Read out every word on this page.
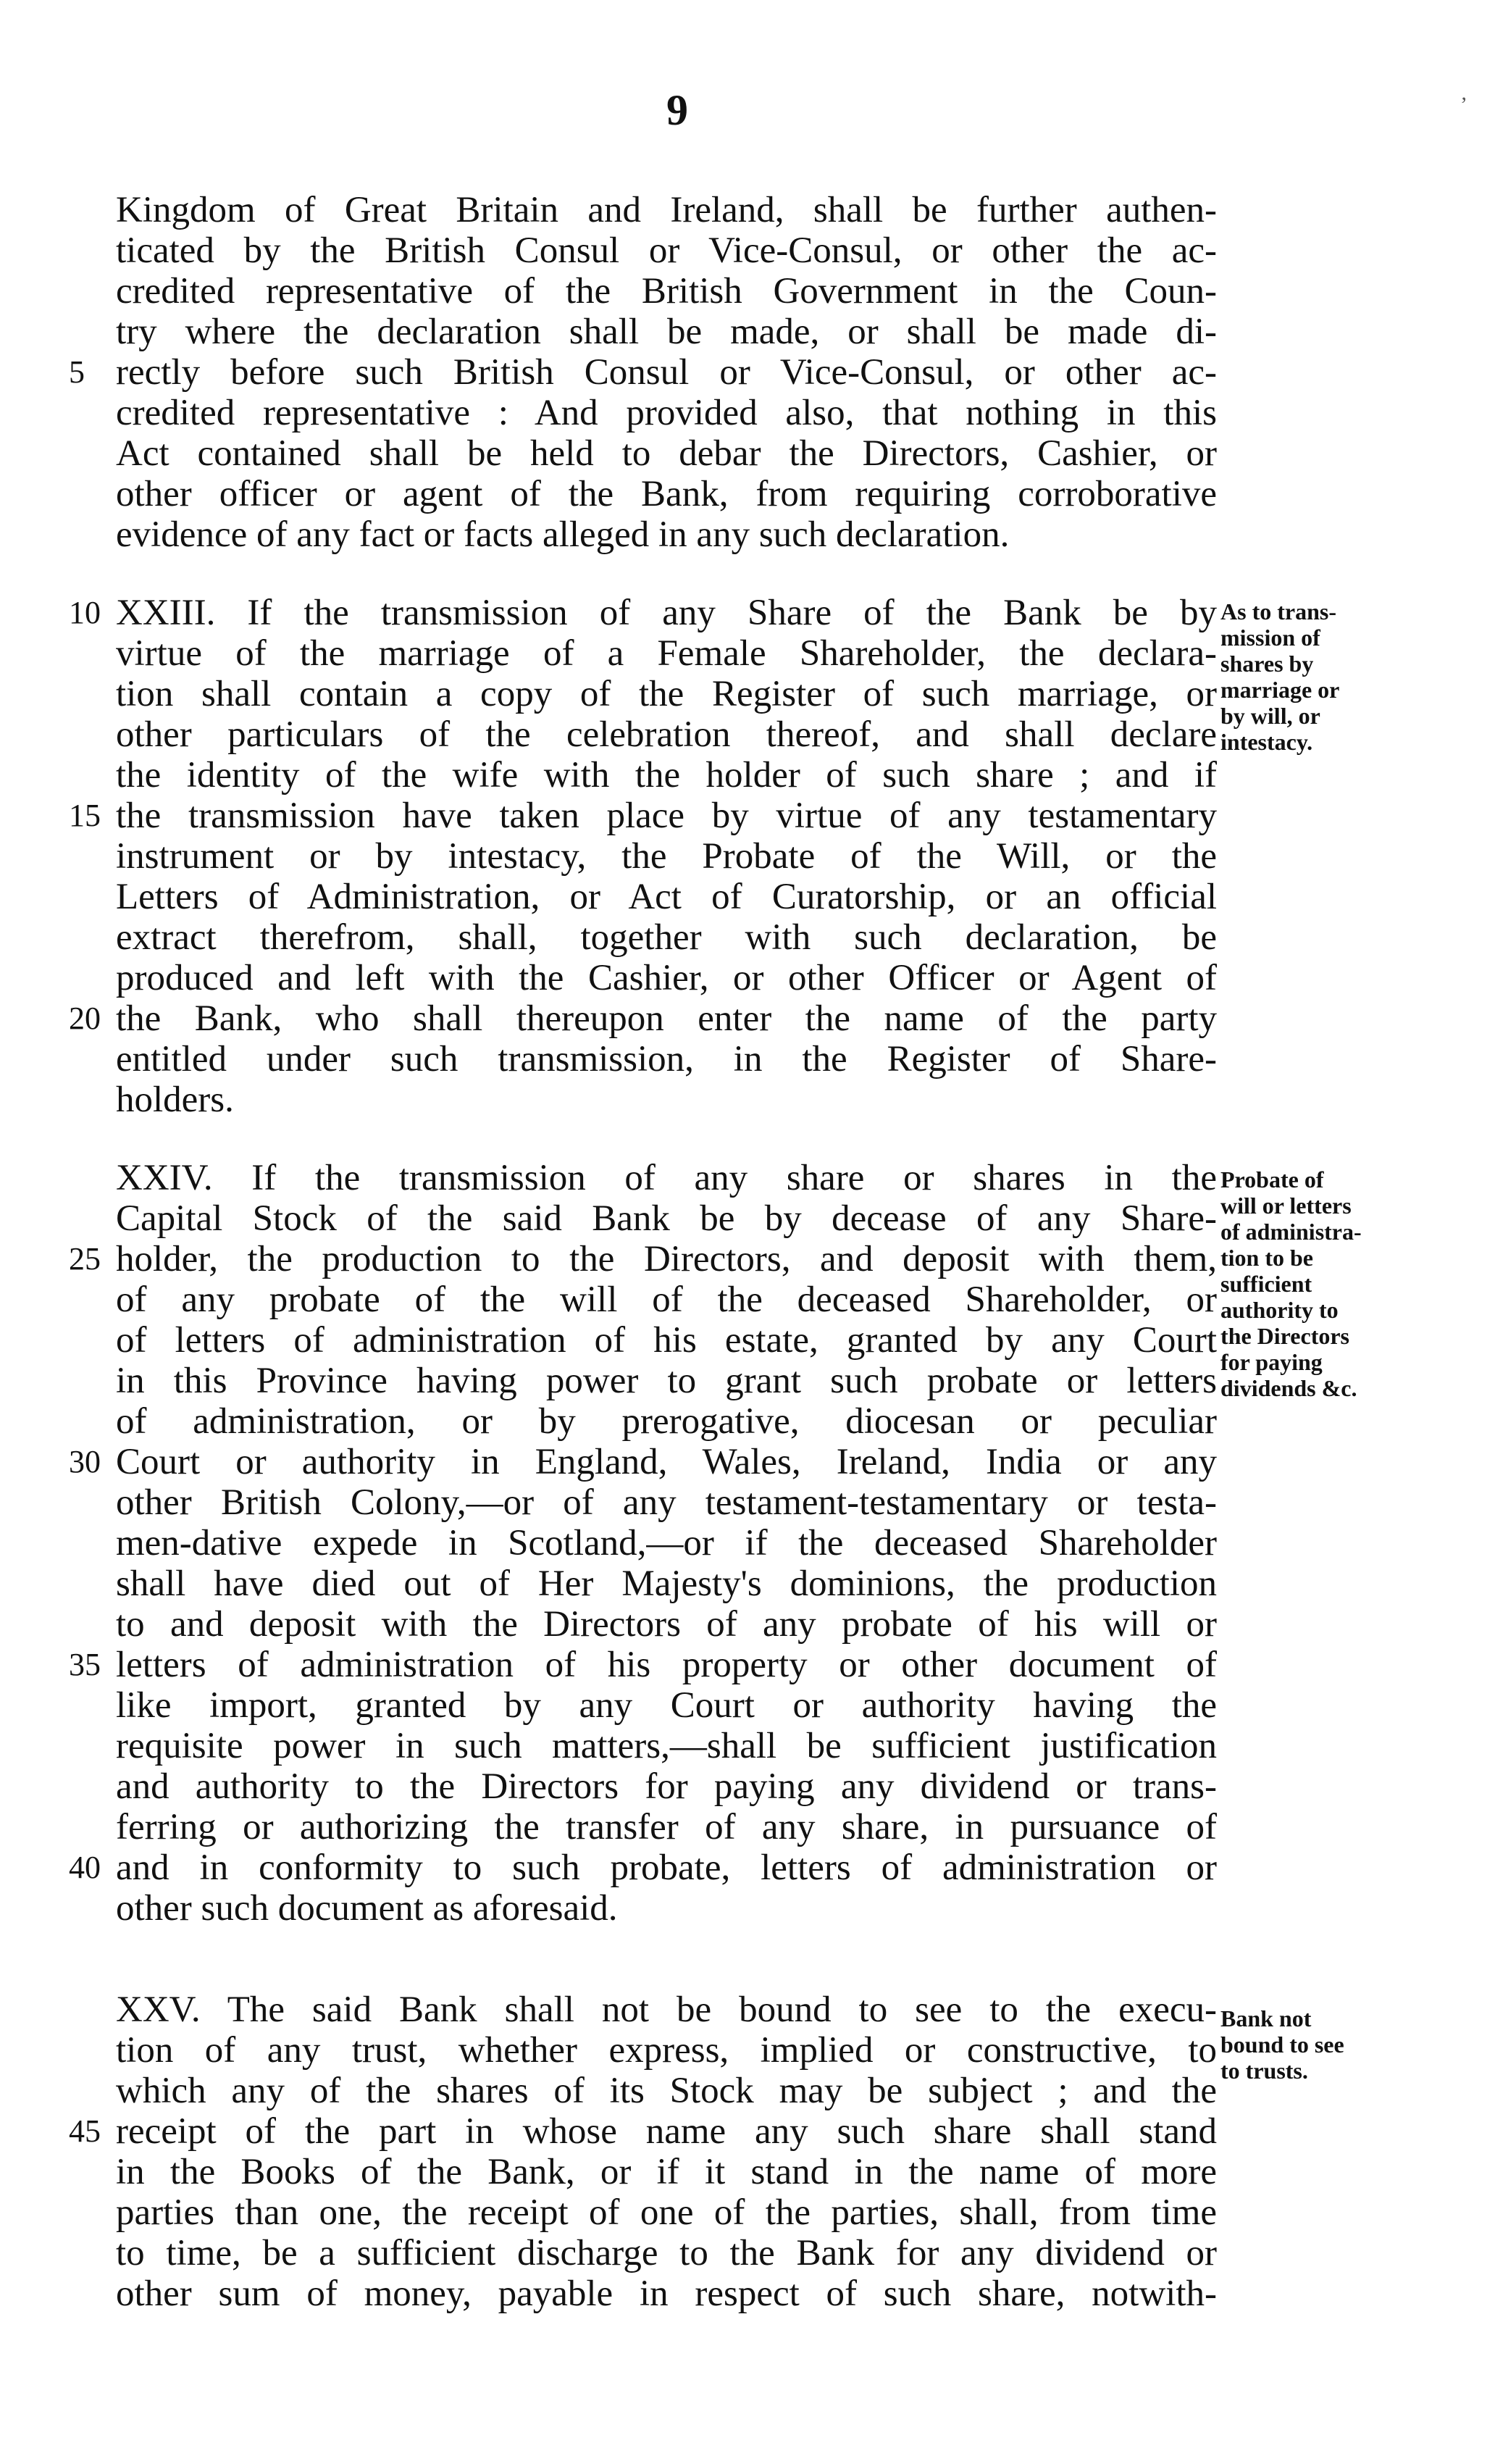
9	’
Kingdom of Great Britain and Ireland, shall be further authen-
ticated by the British Consul or Vice-Consul, or other the ac-
credited representative of the British Government in the Coun-
try where the declaration shall be made, or shall be made di-
rectly before such British Consul or Vice-Consul, or other ac-
credited representative : And provided also, that nothing in this
Act contained shall be held to debar the Directors, Cashier, or
other officer or agent of the Bank, from requiring corroborative
evidence of any fact or facts alleged in any such declaration.
XXIII. If the transmission of any Share of the Bank be by
virtue of the marriage of a Female Shareholder, the declara-
tion shall contain a copy of the Register of such marriage, or
other particulars of the celebration thereof, and shall declare
the identity of the wife with the holder of such share ; and if
the transmission have taken place by virtue of any testamentary
instrument or by intestacy, the Probate of the Will, or the
Letters of Administration, or Act of Curatorship, or an official
extract therefrom, shall, together with such declaration, be
produced and left with the Cashier, or other Officer or Agent of
the Bank, who shall thereupon enter the name of the party
entitled under such transmission, in the Register of Share-
holders.
As to trans-
mission of
shares by
marriage or
by will, or
intestacy.
XXIV. If the transmission of any share or shares in the
Capital Stock of the said Bank be by decease of any Share-
holder, the production to the Directors, and deposit with them,
of any probate of the will of the deceased Shareholder, or
of letters of administration of his estate, granted by any Court
in this Province having power to grant such probate or letters
of administration, or by prerogative, diocesan or peculiar
Court or authority in England, Wales, Ireland, India or any
other British Colony,—or of any testament-testamentary or testa-
men-dative expede in Scotland,—or if the deceased Shareholder
shall have died out of Her Majesty's dominions, the production
to and deposit with the Directors of any probate of his will or
letters of administration of his property or other document of
like import, granted by any Court or authority having the
requisite power in such matters,—shall be sufficient justification
and authority to the Directors for paying any dividend or trans-
ferring or authorizing the transfer of any share, in pursuance of
and in conformity to such probate, letters of administration or
other such document as aforesaid.
Probate of
will or letters
of administra-
tion to be
sufficient
authority to
the Directors
for paying
dividends &c.
XXV. The said Bank shall not be bound to see to the execu-
tion of any trust, whether express, implied or constructive, to
which any of the shares of its Stock may be subject ; and the
receipt of the part in whose name any such share shall stand
in the Books of the Bank, or if it stand in the name of more
parties than one, the receipt of one of the parties, shall, from time
to time, be a sufficient discharge to the Bank for any dividend or
other sum of money, payable in respect of such share, notwith-
Bank not
bound to see
to trusts.
5
10
15
20
25
30
35
40
45
